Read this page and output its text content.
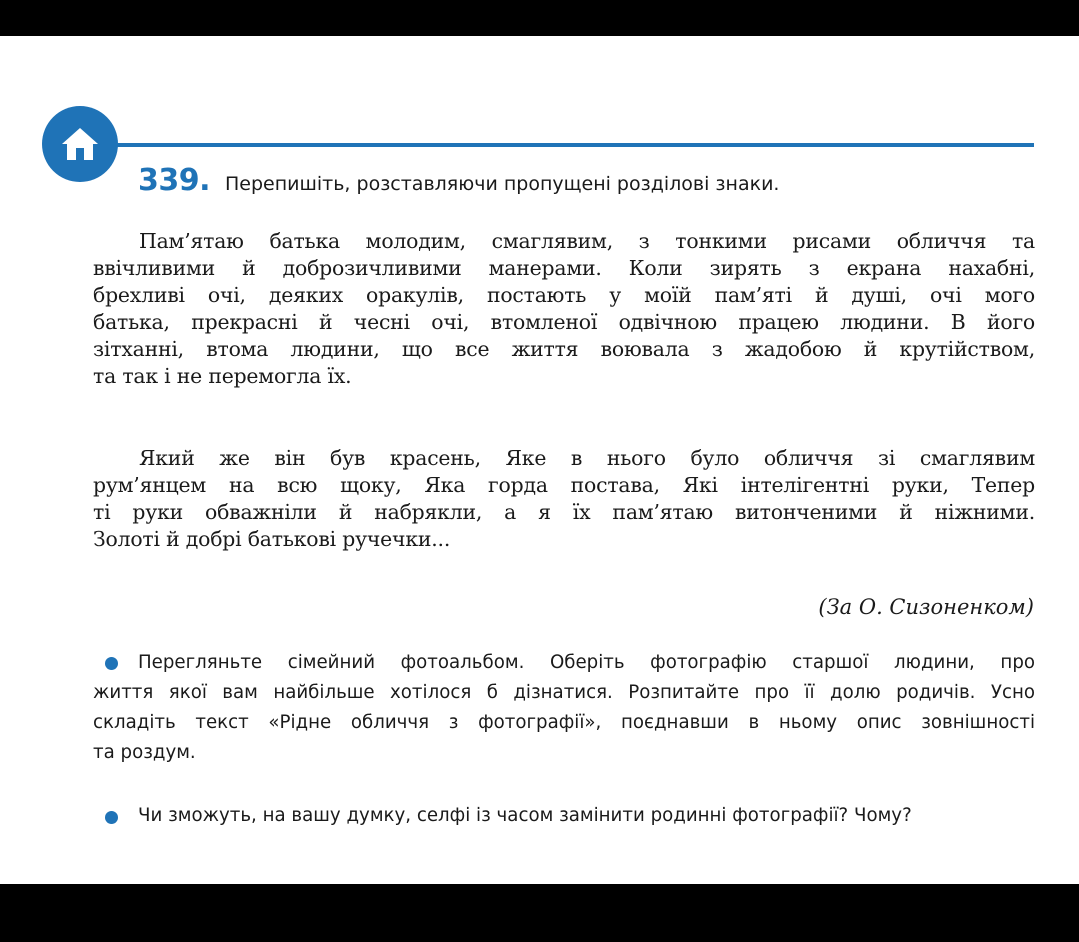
339. Перепишіть, розставляючи пропущені розділові знаки.
Пам’ятаю батька молодим, смаглявим, з тонкими рисами обличчя та
ввічливими й доброзичливими манерами. Коли зирять з екрана нахабні,
брехливі очі, деяких оракулів, постають у моїй пам’яті й душі, очі мого
батька, прекрасні й чесні очі, втомленої одвічною працею людини. В його
зітханні, втома людини, що все життя воювала з жадобою й крутійством,
та так і не перемогла їх.
Який же він був красень, Яке в нього було обличчя зі смаглявим
рум’янцем на всю щоку, Яка горда постава, Які інтелігентні руки, Тепер
ті руки обважніли й набрякли, а я їх пам’ятаю витонченими й ніжними.
Золоті й добрі батькові ручечки...
(За О. Сизоненком)
Перегляньте сімейний фотоальбом. Оберіть фотографію старшої людини, про
життя якої вам найбільше хотілося б дізнатися. Розпитайте про її долю родичів. Усно
складіть текст «Рідне обличчя з фотографії», поєднавши в ньому опис зовнішності
та роздум.
Чи зможуть, на вашу думку, селфі із часом замінити родинні фотографії? Чому?
